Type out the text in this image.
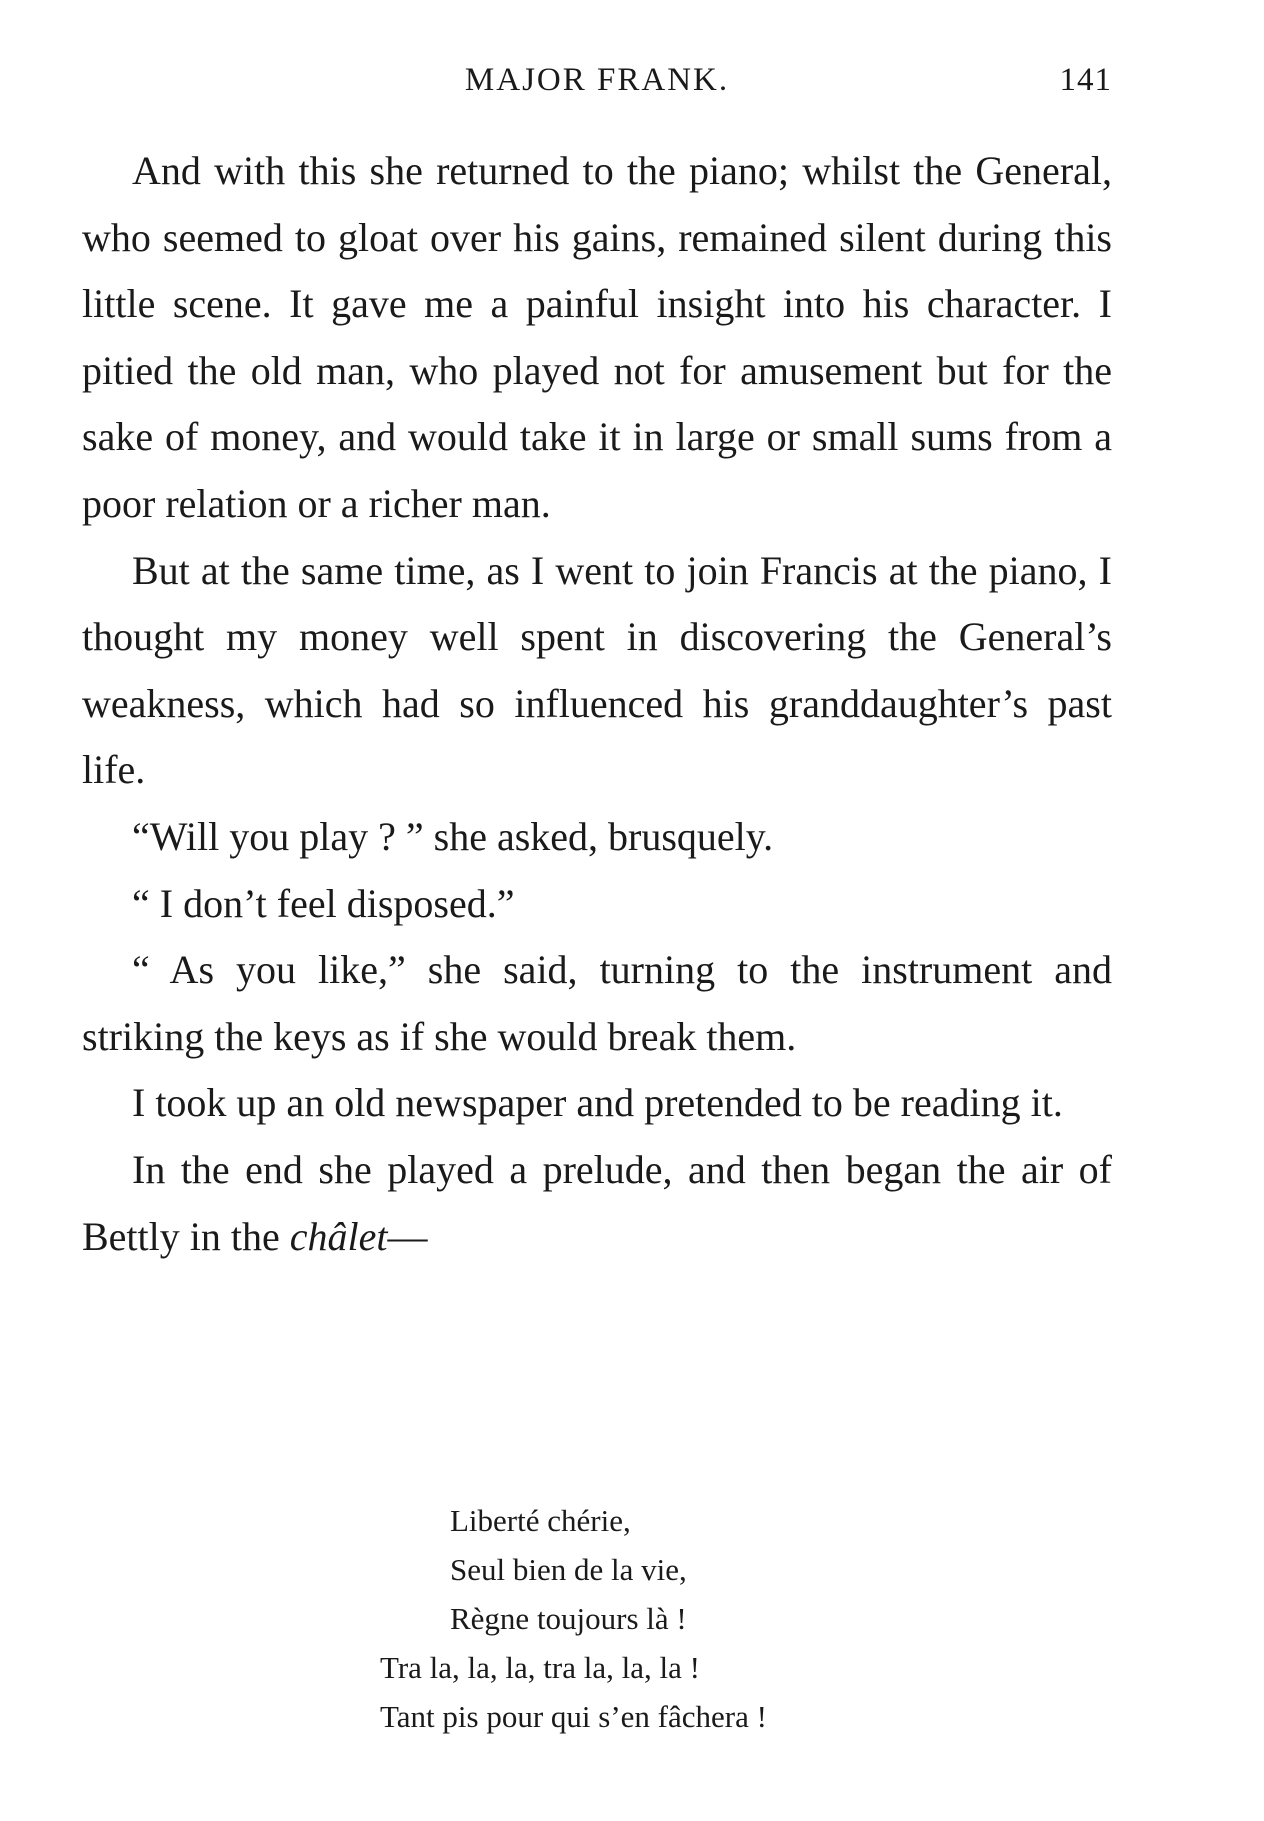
MAJOR FRANK.	141

And with this she returned to the piano; whilst the General, who seemed to gloat over his gains, remained silent during this little scene. It gave me a painful insight into his character. I pitied the old man, who played not for amusement but for the sake of money, and would take it in large or small sums from a poor relation or a richer man.

But at the same time, as I went to join Francis at the piano, I thought my money well spent in discovering the General’s weakness, which had so influenced his granddaughter’s past life.

“Will you play ? ” she asked, brusquely.

“ I don’t feel disposed.”

“ As you like,” she said, turning to the instrument and striking the keys as if she would break them.

I took up an old newspaper and pretended to be reading it.

In the end she played a prelude, and then began the air of Bettly in the châlet—

Liberté chérie,
Seul bien de la vie,
Règne toujours là !
Tra la, la, la, tra la, la, la !
Tant pis pour qui s’en fâchera !
